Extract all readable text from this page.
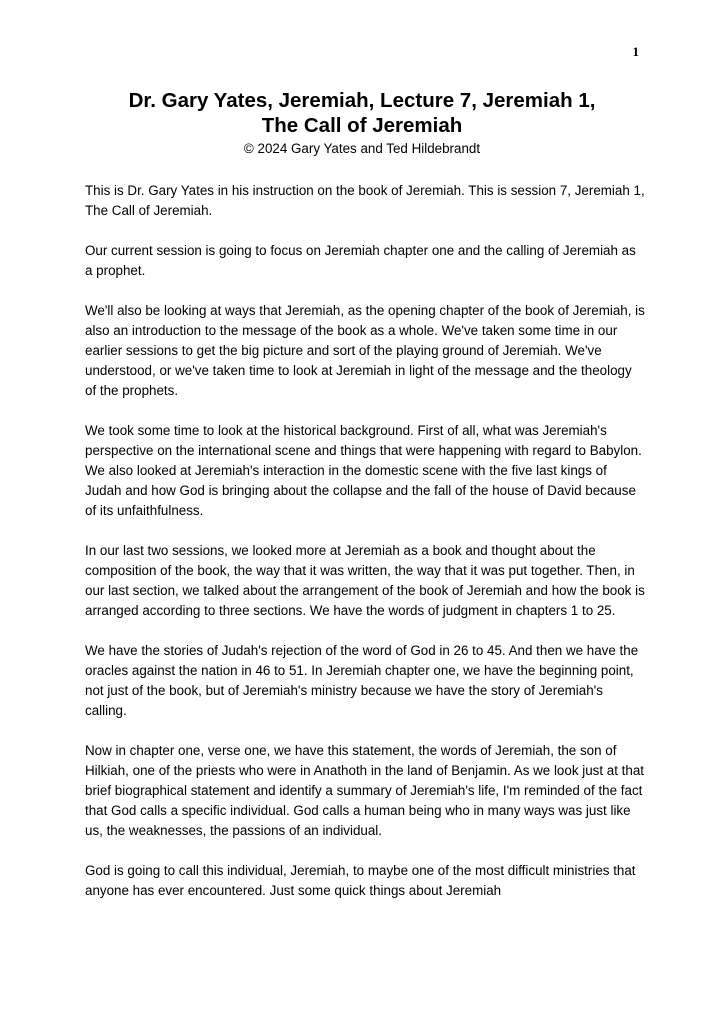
1
Dr. Gary Yates, Jeremiah, Lecture 7, Jeremiah 1,
The Call of Jeremiah
© 2024 Gary Yates and Ted Hildebrandt

This is Dr. Gary Yates in his instruction on the book of Jeremiah. This is session 7, Jeremiah 1, The Call of Jeremiah.

Our current session is going to focus on Jeremiah chapter one and the calling of Jeremiah as a prophet.

We'll also be looking at ways that Jeremiah, as the opening chapter of the book of Jeremiah, is also an introduction to the message of the book as a whole. We've taken some time in our earlier sessions to get the big picture and sort of the playing ground of Jeremiah. We've understood, or we've taken time to look at Jeremiah in light of the message and the theology of the prophets.

We took some time to look at the historical background. First of all, what was Jeremiah's perspective on the international scene and things that were happening with regard to Babylon. We also looked at Jeremiah's interaction in the domestic scene with the five last kings of Judah and how God is bringing about the collapse and the fall of the house of David because of its unfaithfulness.

In our last two sessions, we looked more at Jeremiah as a book and thought about the composition of the book, the way that it was written, the way that it was put together. Then, in our last section, we talked about the arrangement of the book of Jeremiah and how the book is arranged according to three sections. We have the words of judgment in chapters 1 to 25.

We have the stories of Judah's rejection of the word of God in 26 to 45. And then we have the oracles against the nation in 46 to 51. In Jeremiah chapter one, we have the beginning point, not just of the book, but of Jeremiah's ministry because we have the story of Jeremiah's calling.

Now in chapter one, verse one, we have this statement, the words of Jeremiah, the son of Hilkiah, one of the priests who were in Anathoth in the land of Benjamin. As we look just at that brief biographical statement and identify a summary of Jeremiah's life, I'm reminded of the fact that God calls a specific individual. God calls a human being who in many ways was just like us, the weaknesses, the passions of an individual.

God is going to call this individual, Jeremiah, to maybe one of the most difficult ministries that anyone has ever encountered. Just some quick things about Jeremiah
